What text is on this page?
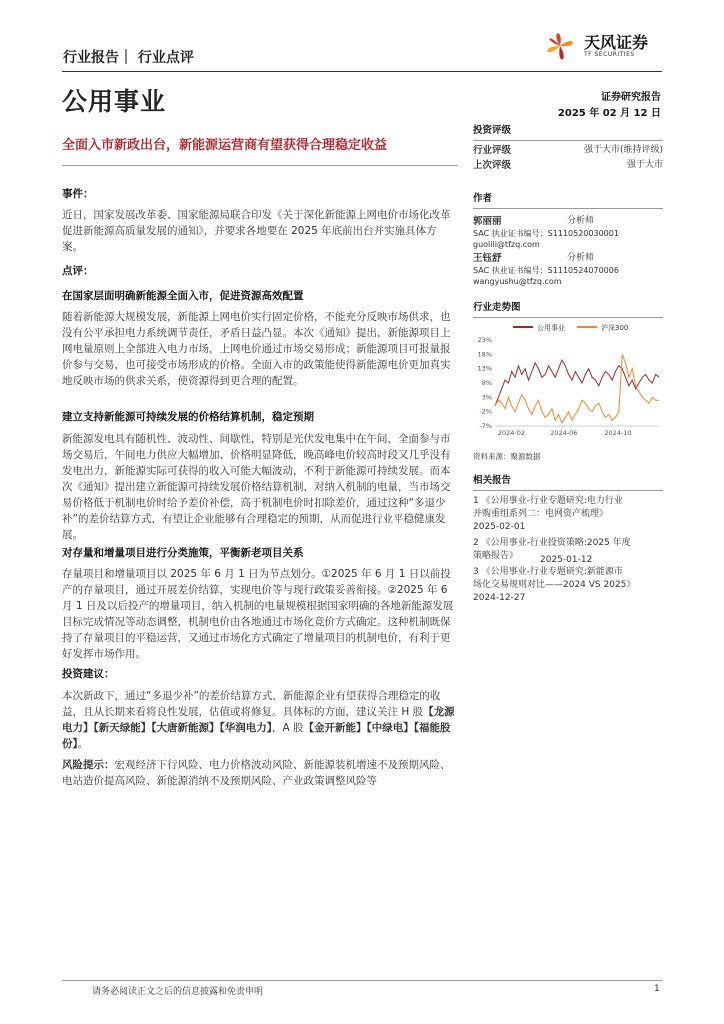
行业报告｜ 行业点评
公用事业
天风证券
TF SECURITIES
证券研究报告
2025 年 02 月 12 日
全面入市新政出台，新能源运营商有望获得合理稳定收益
事件：
近日，国家发展改革委、国家能源局联合印发《关于深化新能源上网电价市场化改革 促进新能源高质量发展的通知》，并要求各地要在 2025 年底前出台并实施具体方案。
点评：
在国家层面明确新能源全面入市，促进资源高效配置
随着新能源大规模发展，新能源上网电价实行固定价格，不能充分反映市场供求，也没有公平承担电力系统调节责任，矛盾日益凸显。本次《通知》提出，新能源项目上网电量原则上全部进入电力市场，上网电价通过市场交易形成；新能源项目可报量报价参与交易，也可接受市场形成的价格。全面入市的政策能使得新能源电价更加真实地反映市场的供求关系，使资源得到更合理的配置。
建立支持新能源可持续发展的价格结算机制，稳定预期
新能源发电具有随机性、波动性、间歇性，特别是光伏发电集中在午间，全面参与市场交易后，午间电力供应大幅增加、价格明显降低，晚高峰电价较高时段又几乎没有发电出力，新能源实际可获得的收入可能大幅波动，不利于新能源可持续发展。而本次《通知》提出建立新能源可持续发展价格结算机制，对纳入机制的电量，当市场交易价格低于机制电价时给予差价补偿，高于机制电价时扣除差价，通过这种“多退少补”的差价结算方式，有望让企业能够有合理稳定的预期，从而促进行业平稳健康发展。
对存量和增量项目进行分类施策，平衡新老项目关系
存量项目和增量项目以 2025 年 6 月 1 日为节点划分。①2025 年 6 月 1 日以前投产的存量项目，通过开展差价结算，实现电价等与现行政策妥善衔接。②2025 年 6 月 1 日及以后投产的增量项目，纳入机制的电量规模根据国家明确的各地新能源发展目标完成情况等动态调整，机制电价由各地通过市场化竞价方式确定。这种机制既保持了存量项目的平稳运营，又通过市场化方式确定了增量项目的机制电价，有利于更好发挥市场作用。
投资建议：
本次新政下，通过“多退少补”的差价结算方式，新能源企业有望获得合理稳定的收益，且从长期来看将良性发展，估值或将修复。具体标的方面，建议关注 H 股【龙源电力】【新天绿能】【大唐新能源】【华润电力】，A 股【金开新能】【中绿电】【福能股份】。
风险提示：宏观经济下行风险、电力价格波动风险、新能源装机增速不及预期风险、电站造价提高风险、新能源消纳不及预期风险、产业政策调整风险等
投资评级
行业评级	强于大市(维持评级)
上次评级	强于大市
作者
郭丽丽	分析师
SAC 执业证书编号：S1110520030001
guolili@tfzq.com
王钰舒	分析师
SAC 执业证书编号：S1110524070006
wangyushu@tfzq.com
行业走势图
23%
18%
13%
8%
3%
-2%
-7%
2024-02	2024-06	2024-10
公用事业	沪深300
资料来源：聚源数据
相关报告
1 《公用事业-行业专题研究:电力行业
并购重组系列二：电网资产梳理》
2025-02-01
2 《公用事业-行业投资策略:2025 年度
策略报告》	2025-01-12
3 《公用事业-行业专题研究:新能源市
场化交易规则对比——2024 VS 2025》
2024-12-27
请务必阅读正文之后的信息披露和免责申明	1
